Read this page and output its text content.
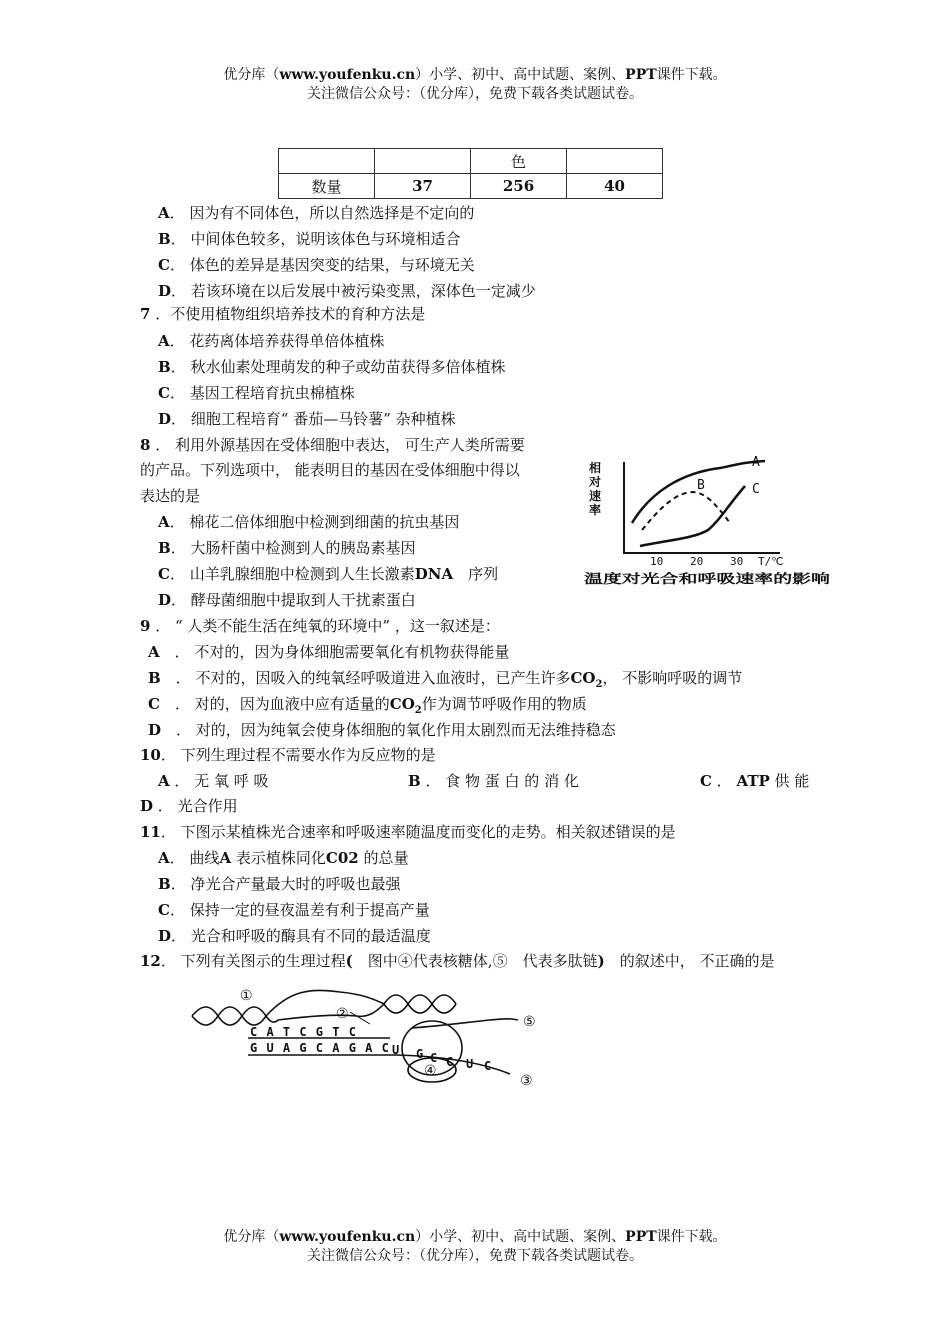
优分库（www.youfenku.cn）小学、初中、高中试题、案例、PPT课件下载。
关注微信公众号：（优分库），免费下载各类试题试卷。
		色	
数量	37	256	40
A． 因为有不同体色，所以自然选择是不定向的
B． 中间体色较多，说明该体色与环境相适合
C． 体色的差异是基因突变的结果，与环境无关
D． 若该环境在以后发展中被污染变黑，深体色一定减少
7 ．不使用植物组织培养技术的育种方法是
A． 花药离体培养获得单倍体植株
B． 秋水仙素处理萌发的种子或幼苗获得多倍体植株
C． 基因工程培育抗虫棉植株
D． 细胞工程培育“ 番茄—马铃薯” 杂种植株
8 ． 利用外源基因在受体细胞中表达， 可生产人类所需要
的产品。下列选项中， 能表明目的基因在受体细胞中得以
表达的是
A． 棉花二倍体细胞中检测到细菌的抗虫基因
B． 大肠杆菌中检测到人的胰岛素基因
C． 山羊乳腺细胞中检测到人生长激素DNA　序列
D． 酵母菌细胞中提取到人干扰素蛋白
相
对
速
率
A
B	C
10 20 30 T/℃
温度对光合和呼吸速率的影响
9 ． “ 人类不能生活在纯氧的环境中” ，这一叙述是：
A　． 不对的，因为身体细胞需要氧化有机物获得能量
B　． 不对的，因吸入的纯氧经呼吸道进入血液时，已产生许多$CO_2$， 不影响呼吸的调节
C　． 对的，因为血液中应有适量的$CO_2$作为调节呼吸作用的物质
D　． 对的，因为纯氧会使身体细胞的氧化作用太剧烈而无法维持稳态
10． 下列生理过程不需要水作为反应物的是
A ． 无 氧 呼 吸	B ． 食 物 蛋 白 的 消 化	C ． ATP 供 能
D ． 光合作用
11． 下图示某植株光合速率和呼吸速率随温度而变化的走势。相关叙述错误的是
A． 曲线A 表示植株同化C02 的总量
B． 净光合产量最大时的呼吸也最强
C． 保持一定的昼夜温差有利于提高产量
D． 光合和呼吸的酶具有不同的最适温度
12． 下列有关图示的生理过程(　 图中④代表核糖体,⑤　 代表多肽链)　 的叙述中， 不正确的是
C A T C G T C
G U A G C A G A C U G C C U C
①
②
③
④
⑤
优分库（www.youfenku.cn）小学、初中、高中试题、案例、PPT课件下载。
关注微信公众号：（优分库），免费下载各类试题试卷。
